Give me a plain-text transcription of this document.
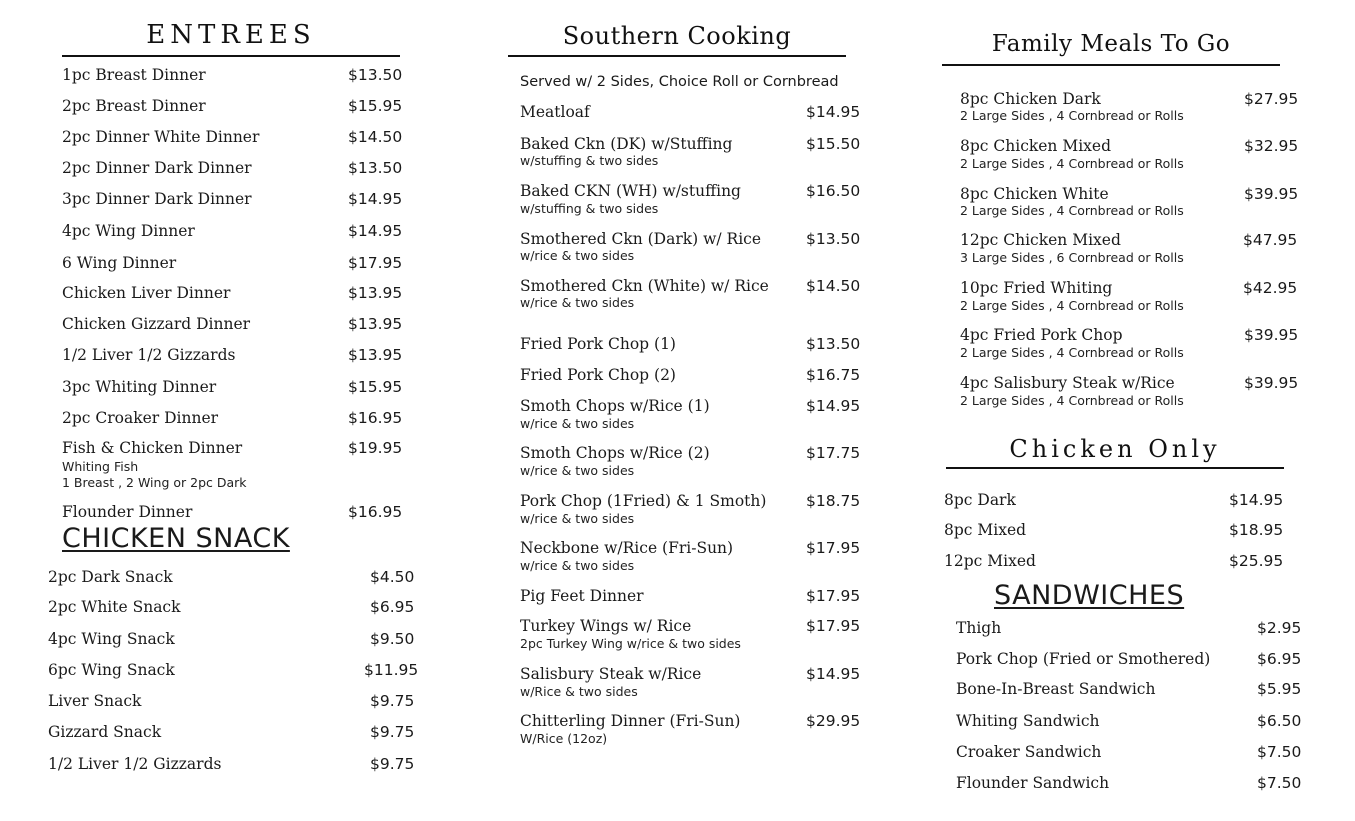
ENTREES
1pc Breast Dinner	$13.50
2pc Breast Dinner	$15.95
2pc Dinner White Dinner	$14.50
2pc Dinner Dark Dinner	$13.50
3pc Dinner Dark Dinner	$14.95
4pc Wing Dinner	$14.95
6 Wing Dinner	$17.95
Chicken Liver Dinner	$13.95
Chicken Gizzard Dinner	$13.95
1/2 Liver 1/2 Gizzards	$13.95
3pc Whiting Dinner	$15.95
2pc Croaker Dinner	$16.95
Fish & Chicken Dinner	$19.95
Whiting Fish
1 Breast , 2 Wing or 2pc Dark
Flounder Dinner	$16.95
CHICKEN SNACK
2pc Dark Snack	$4.50
2pc White Snack	$6.95
4pc Wing Snack	$9.50
6pc Wing Snack	$11.95
Liver Snack	$9.75
Gizzard Snack	$9.75
1/2 Liver 1/2 Gizzards	$9.75
Southern Cooking
Served w/ 2 Sides, Choice Roll or Cornbread
Meatloaf	$14.95
Baked Ckn (DK) w/Stuffing	$15.50
w/stuffing & two sides
Baked CKN (WH) w/stuffing	$16.50
w/stuffing & two sides
Smothered Ckn (Dark) w/ Rice	$13.50
w/rice & two sides
Smothered Ckn (White) w/ Rice $14.50
w/rice & two sides
Fried Pork Chop (1)	$13.50
Fried Pork Chop (2)	$16.75
Smoth Chops w/Rice (1)	$14.95
w/rice & two sides
Smoth Chops w/Rice (2)	$17.75
w/rice & two sides
Pork Chop (1Fried) & 1 Smoth)	$18.75
w/rice & two sides
Neckbone w/Rice (Fri-Sun)	$17.95
w/rice & two sides
Pig Feet Dinner	$17.95
Turkey Wings w/ Rice	$17.95
2pc Turkey Wing w/rice & two sides
Salisbury Steak w/Rice	$14.95
w/Rice & two sides
Chitterling Dinner (Fri-Sun)	$29.95
W/Rice (12oz)
Family Meals To Go
8pc Chicken Dark	$27.95
2 Large Sides , 4 Cornbread or Rolls
8pc Chicken Mixed	$32.95
2 Large Sides , 4 Cornbread or Rolls
8pc Chicken White	$39.95
2 Large Sides , 4 Cornbread or Rolls
12pc Chicken Mixed	$47.95
3 Large Sides , 6 Cornbread or Rolls
10pc Fried Whiting	$42.95
2 Large Sides , 4 Cornbread or Rolls
4pc Fried Pork Chop	$39.95
2 Large Sides , 4 Cornbread or Rolls
4pc Salisbury Steak w/Rice	$39.95
2 Large Sides , 4 Cornbread or Rolls
Chicken Only
8pc Dark	$14.95
8pc Mixed	$18.95
12pc Mixed	$25.95
SANDWICHES
Thigh	$2.95
Pork Chop (Fried or Smothered)	$6.95
Bone-In-Breast Sandwich	$5.95
Whiting Sandwich	$6.50
Croaker Sandwich	$7.50
Flounder Sandwich	$7.50
